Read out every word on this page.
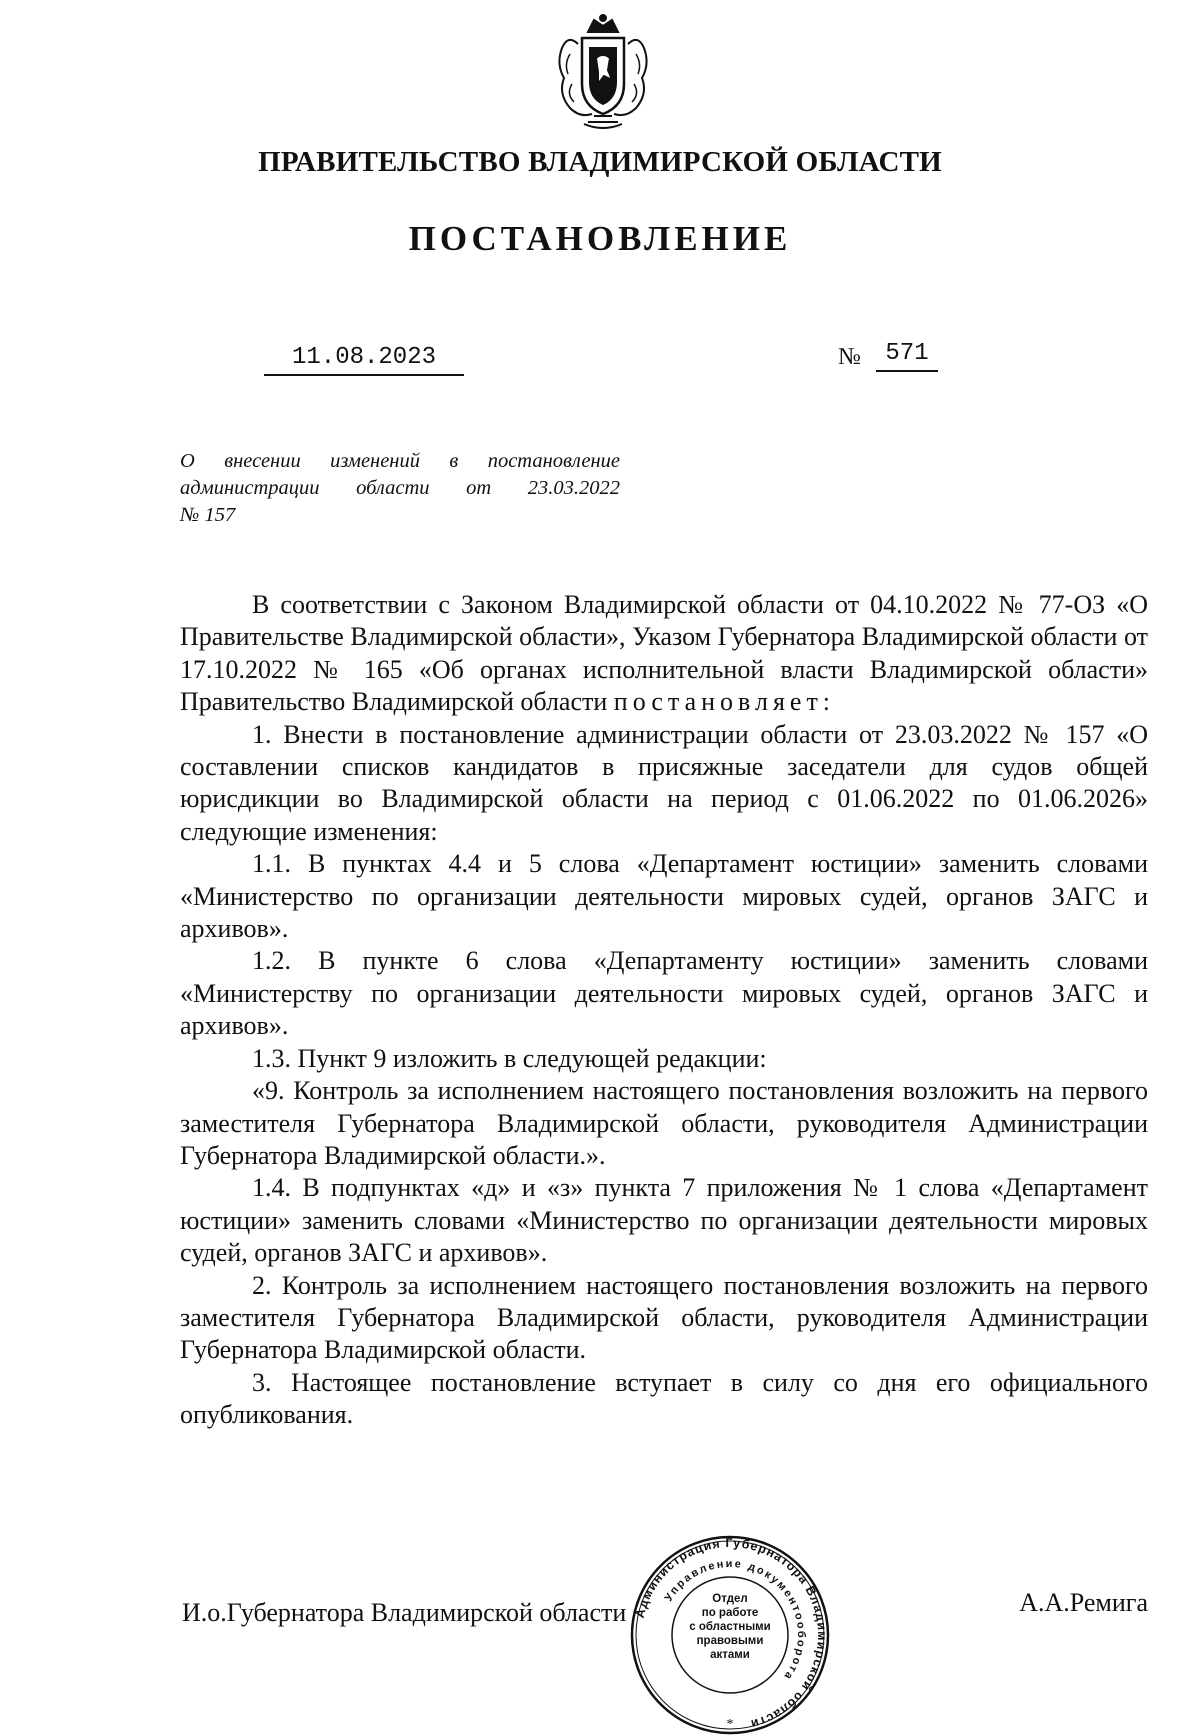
ПРАВИТЕЛЬСТВО ВЛАДИМИРСКОЙ ОБЛАСТИ
ПОСТАНОВЛЕНИЕ
11.08.2023	№	571
О внесении изменений в постановление
администрации области от 23.03.2022
№ 157

В соответствии с Законом Владимирской области от 04.10.2022 № 77-ОЗ «О Правительстве Владимирской области», Указом Губернатора Владимирской области от 17.10.2022 № 165 «Об органах исполнительной власти Владимирской области» Правительство Владимирской области постановляет:

1. Внести в постановление администрации области от 23.03.2022 № 157 «О составлении списков кандидатов в присяжные заседатели для судов общей юрисдикции во Владимирской области на период с 01.06.2022 по 01.06.2026» следующие изменения:

1.1. В пунктах 4.4 и 5 слова «Департамент юстиции» заменить словами «Министерство по организации деятельности мировых судей, органов ЗАГС и архивов».

1.2. В пункте 6 слова «Департаменту юстиции» заменить словами «Министерству по организации деятельности мировых судей, органов ЗАГС и архивов».

1.3. Пункт 9 изложить в следующей редакции:

«9. Контроль за исполнением настоящего постановления возложить на первого заместителя Губернатора Владимирской области, руководителя Администрации Губернатора Владимирской области.».

1.4. В подпунктах «д» и «з» пункта 7 приложения № 1 слова «Департамент юстиции» заменить словами «Министерство по организации деятельности мировых судей, органов ЗАГС и архивов».

2. Контроль за исполнением настоящего постановления возложить на первого заместителя Губернатора Владимирской области, руководителя Администрации Губернатора Владимирской области.

3. Настоящее постановление вступает в силу со дня его официального опубликования.

И.о.Губернатора Владимирской области	А.А.Ремига
Администрация Губернатора Владимирской области
Управление документооборота
*
Отдел
по работе
с областными
правовыми
актами
